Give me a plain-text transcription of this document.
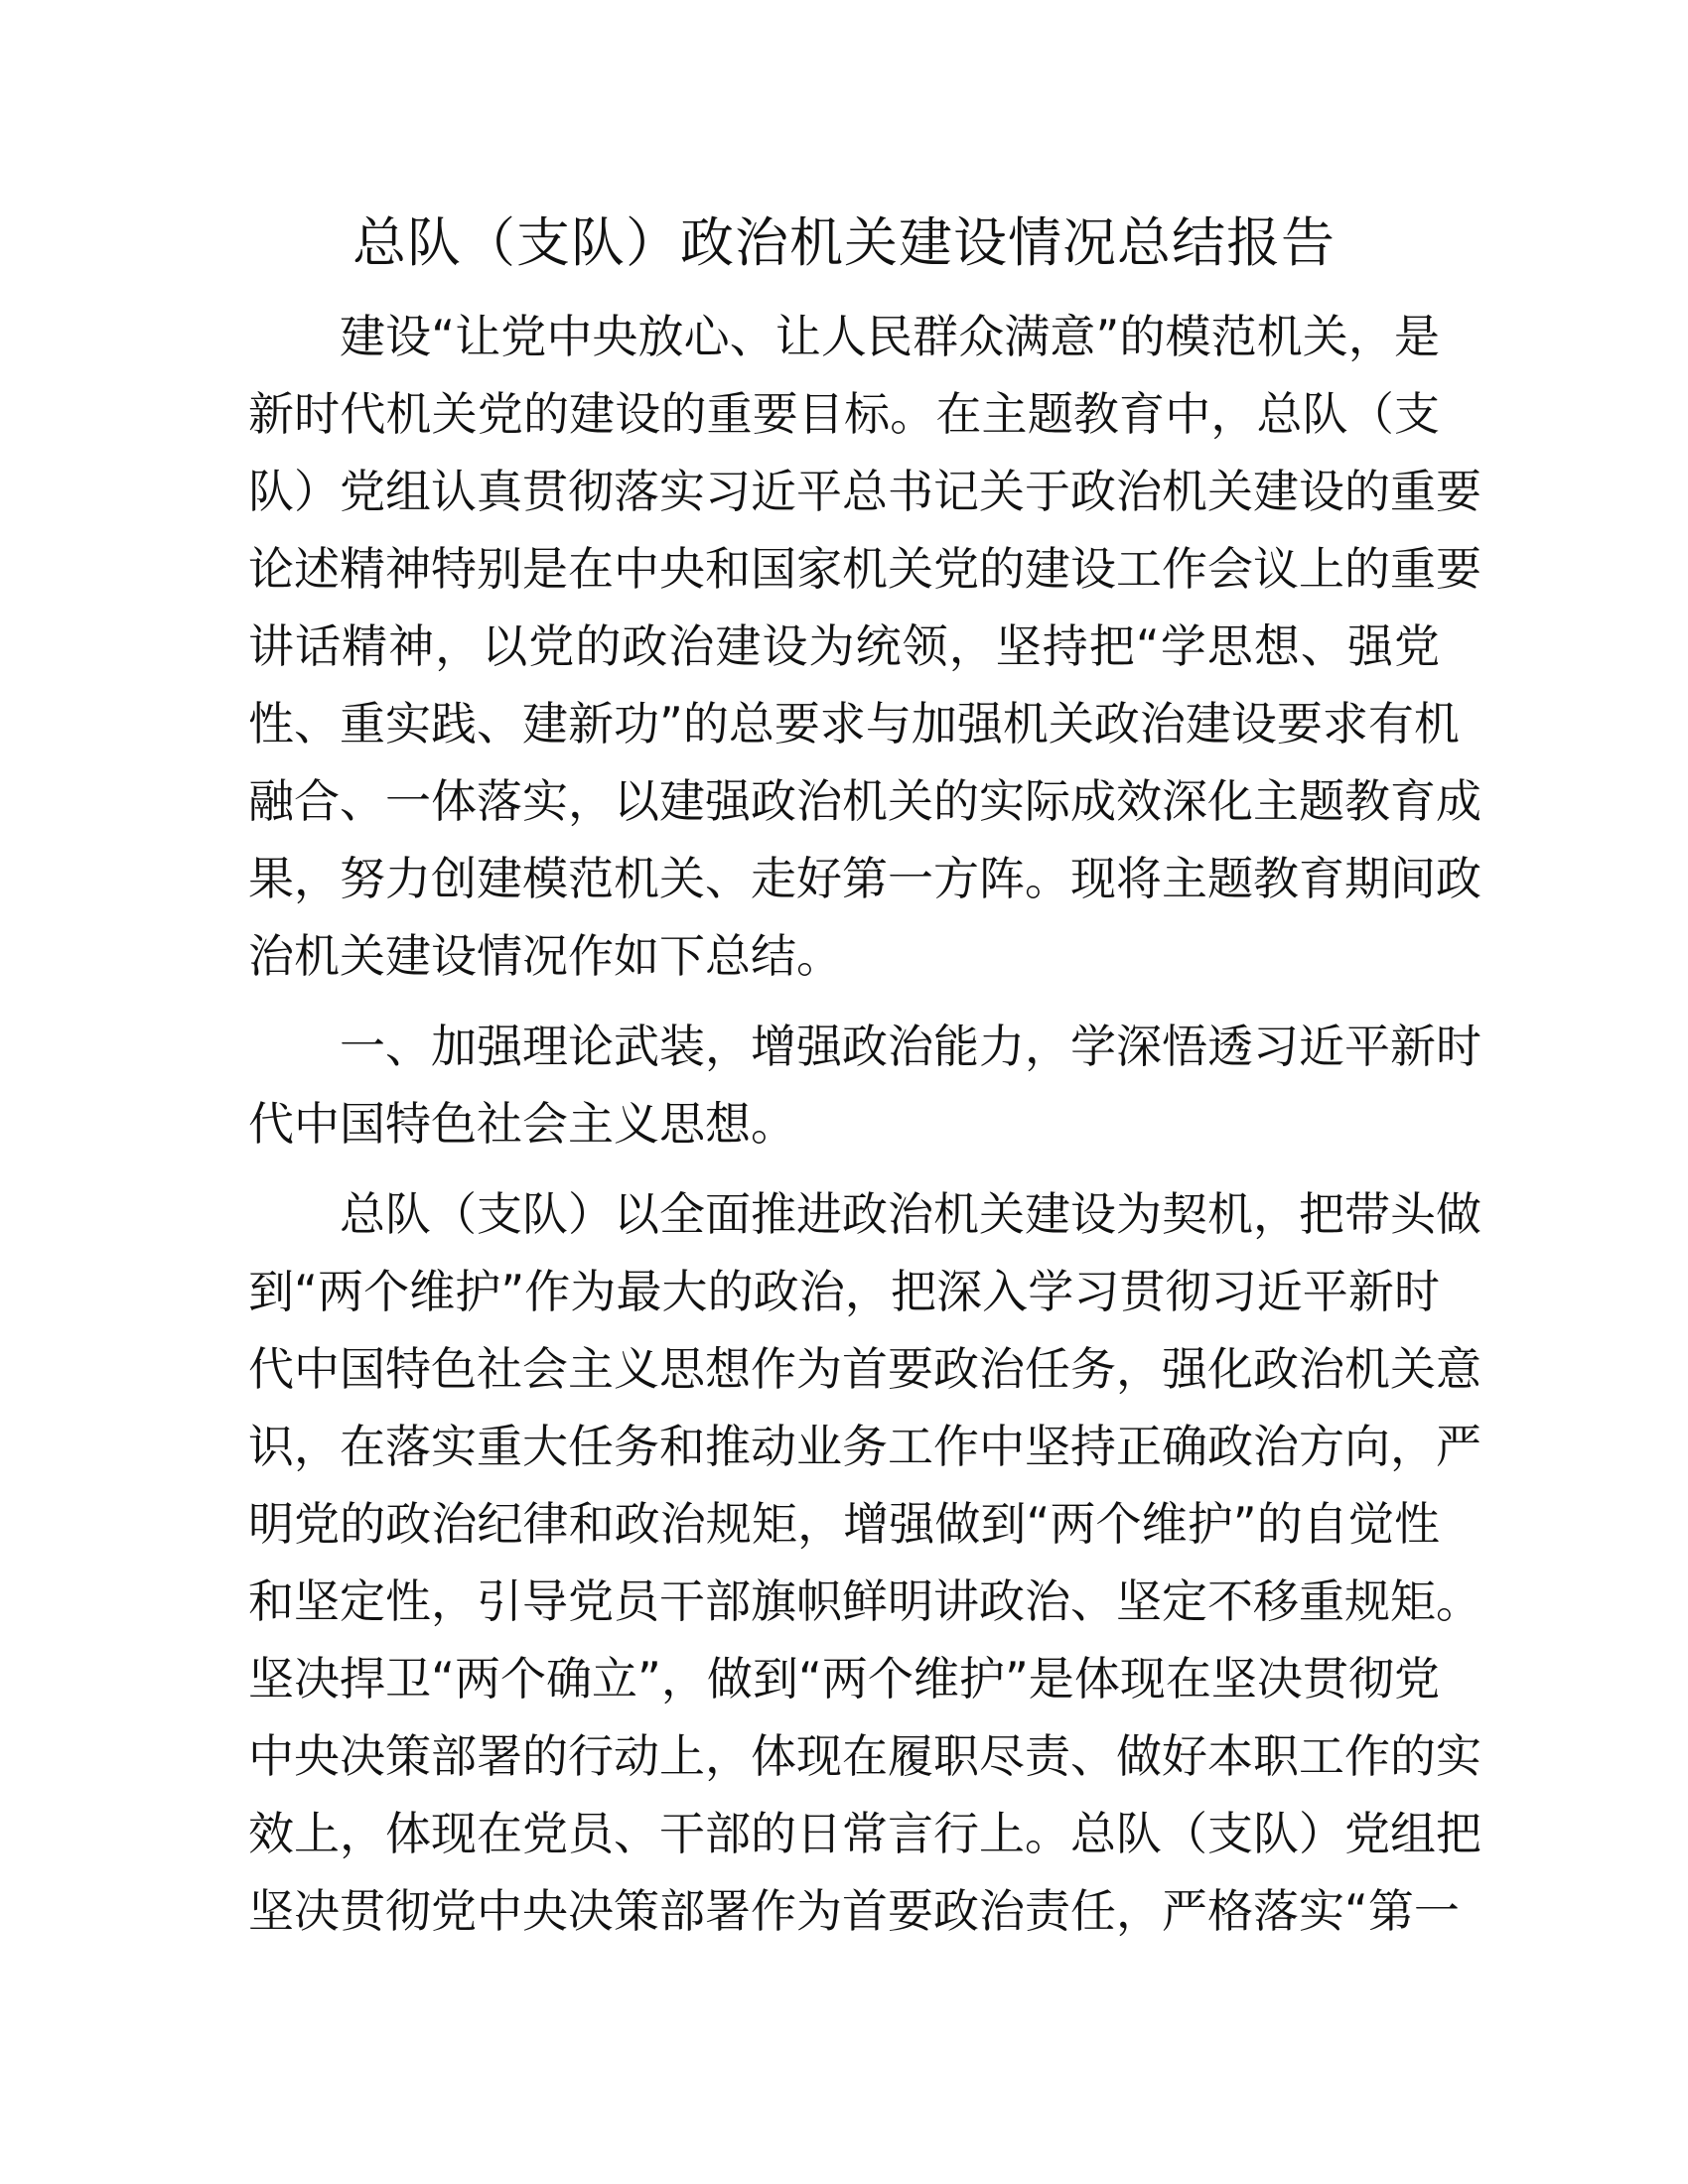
总队（支队）政治机关建设情况总结报告
建设“让党中央放心、让人民群众满意”的模范机关，是
新时代机关党的建设的重要目标。在主题教育中，总队（支
队）党组认真贯彻落实习近平总书记关于政治机关建设的重要
论述精神特别是在中央和国家机关党的建设工作会议上的重要
讲话精神，以党的政治建设为统领，坚持把“学思想、强党
性、重实践、建新功”的总要求与加强机关政治建设要求有机
融合、一体落实，以建强政治机关的实际成效深化主题教育成
果，努力创建模范机关、走好第一方阵。现将主题教育期间政
治机关建设情况作如下总结。
一、加强理论武装，增强政治能力，学深悟透习近平新时
代中国特色社会主义思想。
总队（支队）以全面推进政治机关建设为契机，把带头做
到“两个维护”作为最大的政治，把深入学习贯彻习近平新时
代中国特色社会主义思想作为首要政治任务，强化政治机关意
识，在落实重大任务和推动业务工作中坚持正确政治方向，严
明党的政治纪律和政治规矩，增强做到“两个维护”的自觉性
和坚定性，引导党员干部旗帜鲜明讲政治、坚定不移重规矩。
坚决捍卫“两个确立”，做到“两个维护”是体现在坚决贯彻党
中央决策部署的行动上，体现在履职尽责、做好本职工作的实
效上，体现在党员、干部的日常言行上。总队（支队）党组把
坚决贯彻党中央决策部署作为首要政治责任，严格落实“第一
